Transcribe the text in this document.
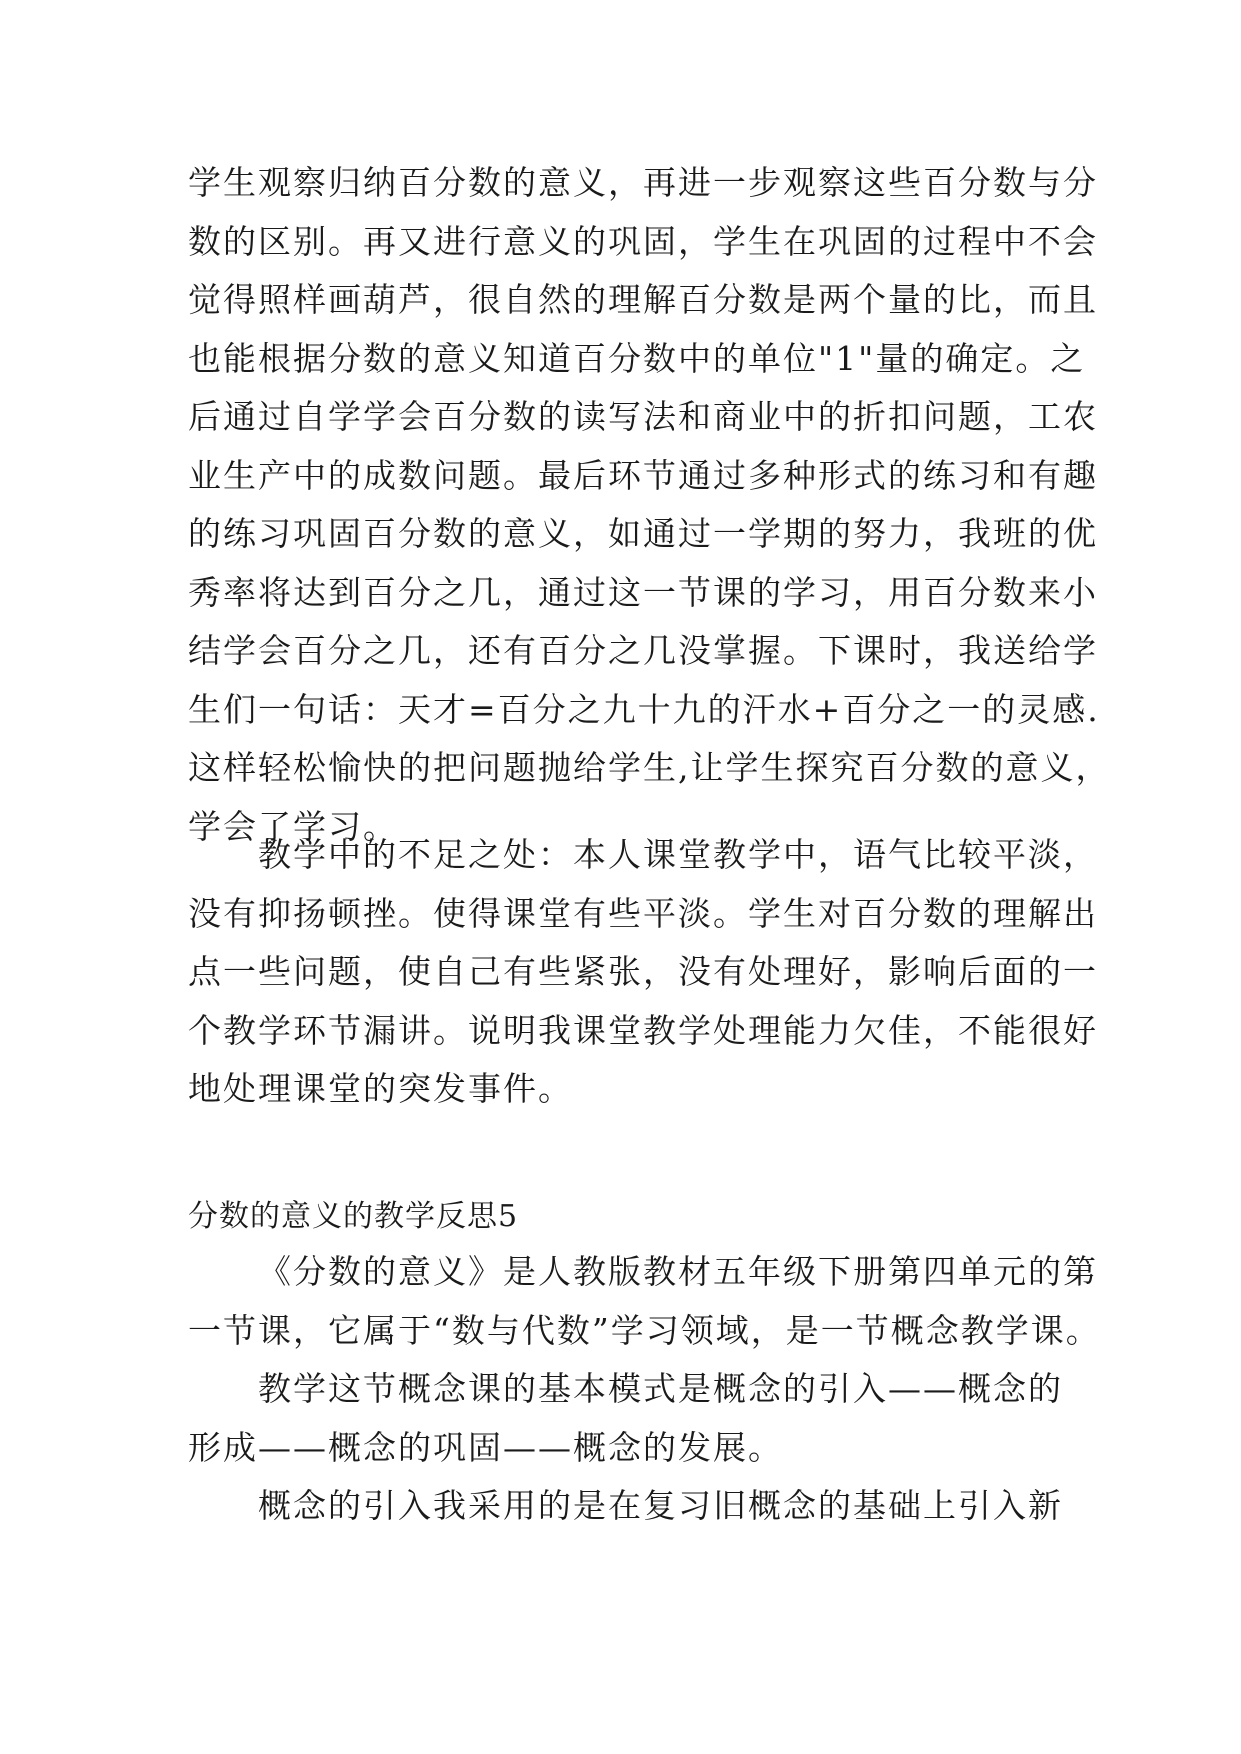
学生观察归纳百分数的意义，再进一步观察这些百分数与分
数的区别。再又进行意义的巩固，学生在巩固的过程中不会
觉得照样画葫芦，很自然的理解百分数是两个量的比，而且
也能根据分数的意义知道百分数中的单位"1"量的确定。之
后通过自学学会百分数的读写法和商业中的折扣问题，工农
业生产中的成数问题。最后环节通过多种形式的练习和有趣
的练习巩固百分数的意义，如通过一学期的努力，我班的优
秀率将达到百分之几，通过这一节课的学习，用百分数来小
结学会百分之几，还有百分之几没掌握。下课时，我送给学
生们一句话：天才=百分之九十九的汗水+百分之一的灵感.
这样轻松愉快的把问题抛给学生,让学生探究百分数的意义，
学会了学习。
教学中的不足之处：本人课堂教学中，语气比较平淡，
没有抑扬顿挫。使得课堂有些平淡。学生对百分数的理解出
点一些问题，使自己有些紧张，没有处理好，影响后面的一
个教学环节漏讲。说明我课堂教学处理能力欠佳，不能很好
地处理课堂的突发事件。
分数的意义的教学反思5
《分数的意义》是人教版教材五年级下册第四单元的第
一节课，它属于“数与代数”学习领域，是一节概念教学课。
教学这节概念课的基本模式是概念的引入——概念的
形成——概念的巩固——概念的发展。
概念的引入我采用的是在复习旧概念的基础上引入新
